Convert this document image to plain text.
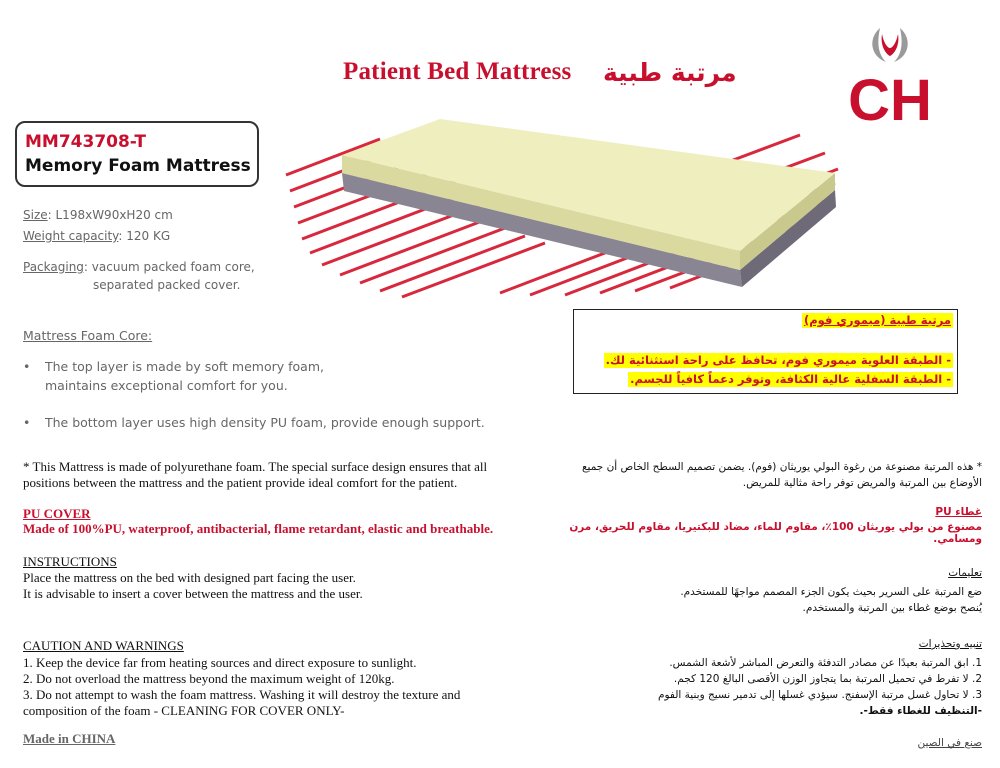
Patient Bed Mattress مرتبة طبية CH
MM743708-T
Memory Foam Mattress
Size: L198xW90xH20 cm
Weight capacity: 120 KG
Packaging: vacuum packed foam core,
separated packed cover.
Mattress Foam Core:
• The top layer is made by soft memory foam,
maintains exceptional comfort for you.
• The bottom layer uses high density PU foam, provide enough support.
مرتبة طبية (ميموري فوم)
- الطبقة العلوية ميموري فوم، تحافظ على راحة استثنائية لك.
- الطبقة السفلية عالية الكثافة، وتوفر دعماً كافياً للجسم.
* This Mattress is made of polyurethane foam. The special surface design ensures that all
positions between the mattress and the patient provide ideal comfort for the patient.
* هذه المرتبة مصنوعة من رغوة البولي يوريثان (فوم). يضمن تصميم السطح الخاص أن جميع
الأوضاع بين المرتبة والمريض توفر راحة مثالية للمريض.
PU COVER
Made of 100%PU, waterproof, antibacterial, flame retardant, elastic and breathable.
غطاء PU
مصنوع من بولي يوريثان 100٪، مقاوم للماء، مضاد للبكتيريا، مقاوم للحريق، مرن ومسامي.
INSTRUCTIONS
Place the mattress on the bed with designed part facing the user.
It is advisable to insert a cover between the mattress and the user.
تعليمات
ضع المرتبة على السرير بحيث يكون الجزء المصمم مواجهًا للمستخدم.
يُنصح بوضع غطاء بين المرتبة والمستخدم.
CAUTION AND WARNINGS
1. Keep the device far from heating sources and direct exposure to sunlight.
2. Do not overload the mattress beyond the maximum weight of 120kg.
3. Do not attempt to wash the foam mattress. Washing it will destroy the texture and
composition of the foam - CLEANING FOR COVER ONLY-
تنبيه وتحذيرات
1. ابق المرتبة بعيدًا عن مصادر التدفئة والتعرض المباشر لأشعة الشمس.
2. لا تفرط في تحميل المرتبة بما يتجاوز الوزن الأقصى البالغ 120 كجم.
3. لا تحاول غسل مرتبة الإسفنج. سيؤدي غسلها إلى تدمير نسيج وبنية الفوم
-التنظيف للغطاء فقط-.
Made in CHINA	صنع في الصين
